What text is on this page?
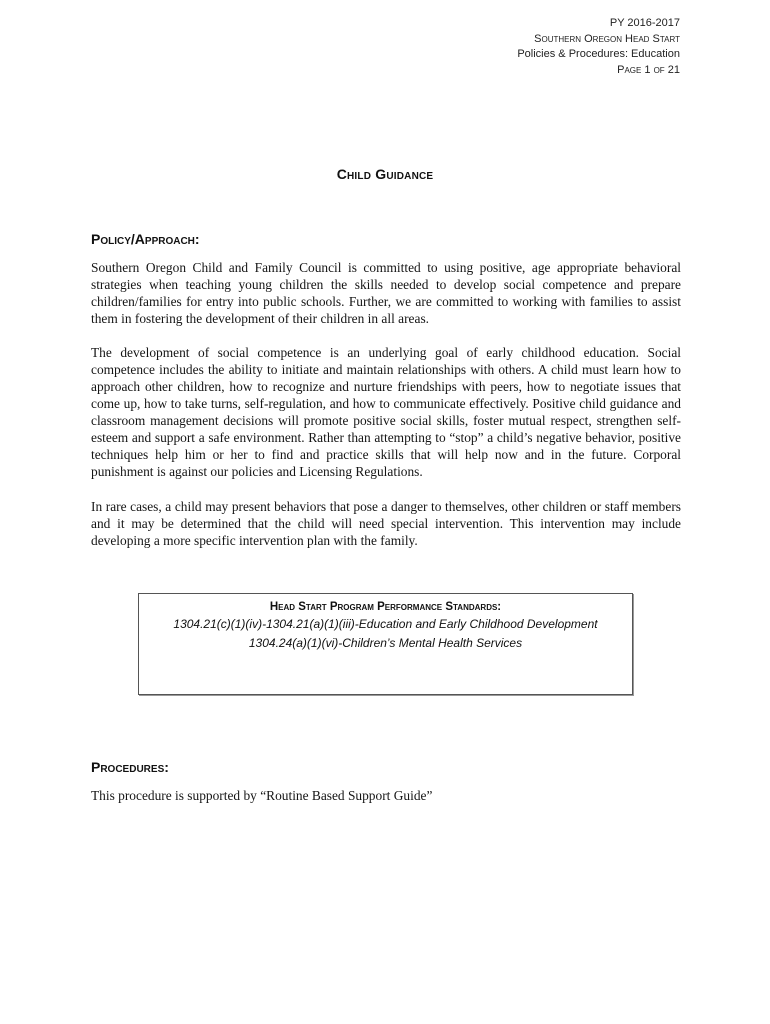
PY 2016-2017
Southern Oregon Head Start
Policies & Procedures: Education
Page 1 of 21
Child Guidance
Policy/Approach:
Southern Oregon Child and Family Council is committed to using positive, age appropriate behavioral strategies when teaching young children the skills needed to develop social competence and prepare children/families for entry into public schools. Further, we are committed to working with families to assist them in fostering the development of their children in all areas.
The development of social competence is an underlying goal of early childhood education. Social competence includes the ability to initiate and maintain relationships with others. A child must learn how to approach other children, how to recognize and nurture friendships with peers, how to negotiate issues that come up, how to take turns, self-regulation, and how to communicate effectively. Positive child guidance and classroom management decisions will promote positive social skills, foster mutual respect, strengthen self-esteem and support a safe environment. Rather than attempting to “stop” a child’s negative behavior, positive techniques help him or her to find and practice skills that will help now and in the future. Corporal punishment is against our policies and Licensing Regulations.
In rare cases, a child may present behaviors that pose a danger to themselves, other children or staff members and it may be determined that the child will need special intervention. This intervention may include developing a more specific intervention plan with the family.
Head Start Program Performance Standards:
1304.21(c)(1)(iv)-1304.21(a)(1)(iii)-Education and Early Childhood Development
1304.24(a)(1)(vi)-Children’s Mental Health Services
Procedures:
This procedure is supported by “Routine Based Support Guide”
